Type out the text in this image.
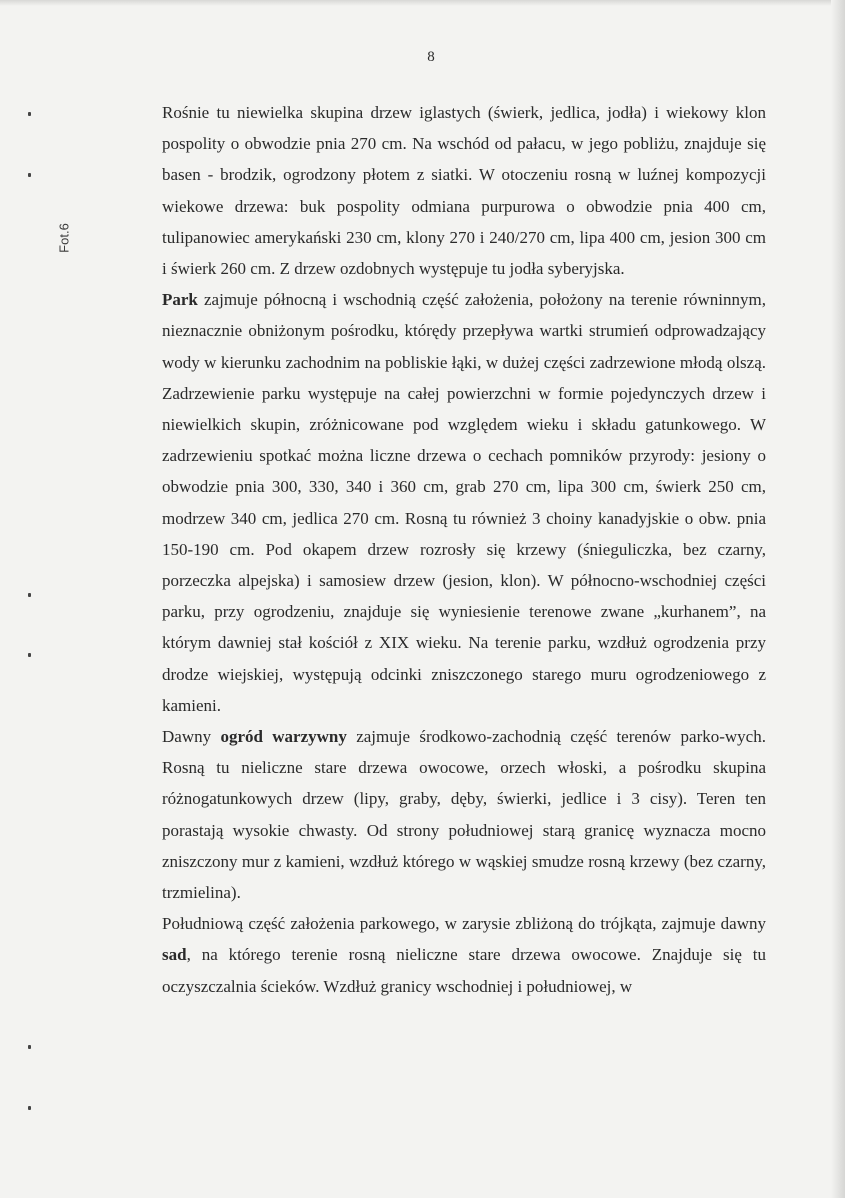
8
Fot.6

Rośnie tu niewielka skupina drzew iglastych (świerk, jedlica, jodła) i wiekowy klon pospolity o obwodzie pnia 270 cm. Na wschód od pałacu, w jego pobliżu, znajduje się basen - brodzik, ogrodzony płotem z siatki. W otoczeniu rosną w luźnej kompozycji wiekowe drzewa: buk pospolity odmiana purpurowa o obwodzie pnia 400 cm, tulipanowiec amerykański 230 cm, klony 270 i 240/270 cm, lipa 400 cm, jesion 300 cm i świerk 260 cm. Z drzew ozdobnych występuje tu jodła syberyjska.

Park zajmuje północną i wschodnią część założenia, położony na terenie równinnym, nieznacznie obniżonym pośrodku, którędy przepływa wartki strumień odprowadzający wody w kierunku zachodnim na pobliskie łąki, w dużej części zadrzewione młodą olszą. Zadrzewienie parku występuje na całej powierzchni w formie pojedynczych drzew i niewielkich skupin, zróżnicowane pod względem wieku i składu gatunkowego. W zadrzewieniu spotkać można liczne drzewa o cechach pomników przyrody: jesiony o obwodzie pnia 300, 330, 340 i 360 cm, grab 270 cm, lipa 300 cm, świerk 250 cm, modrzew 340 cm, jedlica 270 cm. Rosną tu również 3 choiny kanadyjskie o obw. pnia 150-190 cm. Pod okapem drzew rozrosły się krzewy (śnieguliczka, bez czarny, porzeczka alpejska) i samosiew drzew (jesion, klon). W północno-wschodniej części parku, przy ogrodzeniu, znajduje się wyniesienie terenowe zwane „kurhanem”, na którym dawniej stał kościół z XIX wieku. Na terenie parku, wzdłuż ogrodzenia przy drodze wiejskiej, występują odcinki zniszczonego starego muru ogrodzeniowego z kamieni.

Dawny ogród warzywny zajmuje środkowo-zachodnią część terenów parko-wych. Rosną tu nieliczne stare drzewa owocowe, orzech włoski, a pośrodku skupina różnogatunkowych drzew (lipy, graby, dęby, świerki, jedlice i 3 cisy). Teren ten porastają wysokie chwasty. Od strony południowej starą granicę wyznacza mocno zniszczony mur z kamieni, wzdłuż którego w wąskiej smudze rosną krzewy (bez czarny, trzmielina).

Południową część założenia parkowego, w zarysie zbliżoną do trójkąta, zajmuje dawny sad, na którego terenie rosną nieliczne stare drzewa owocowe. Znajduje się tu oczyszczalnia ścieków. Wzdłuż granicy wschodniej i południowej, w
